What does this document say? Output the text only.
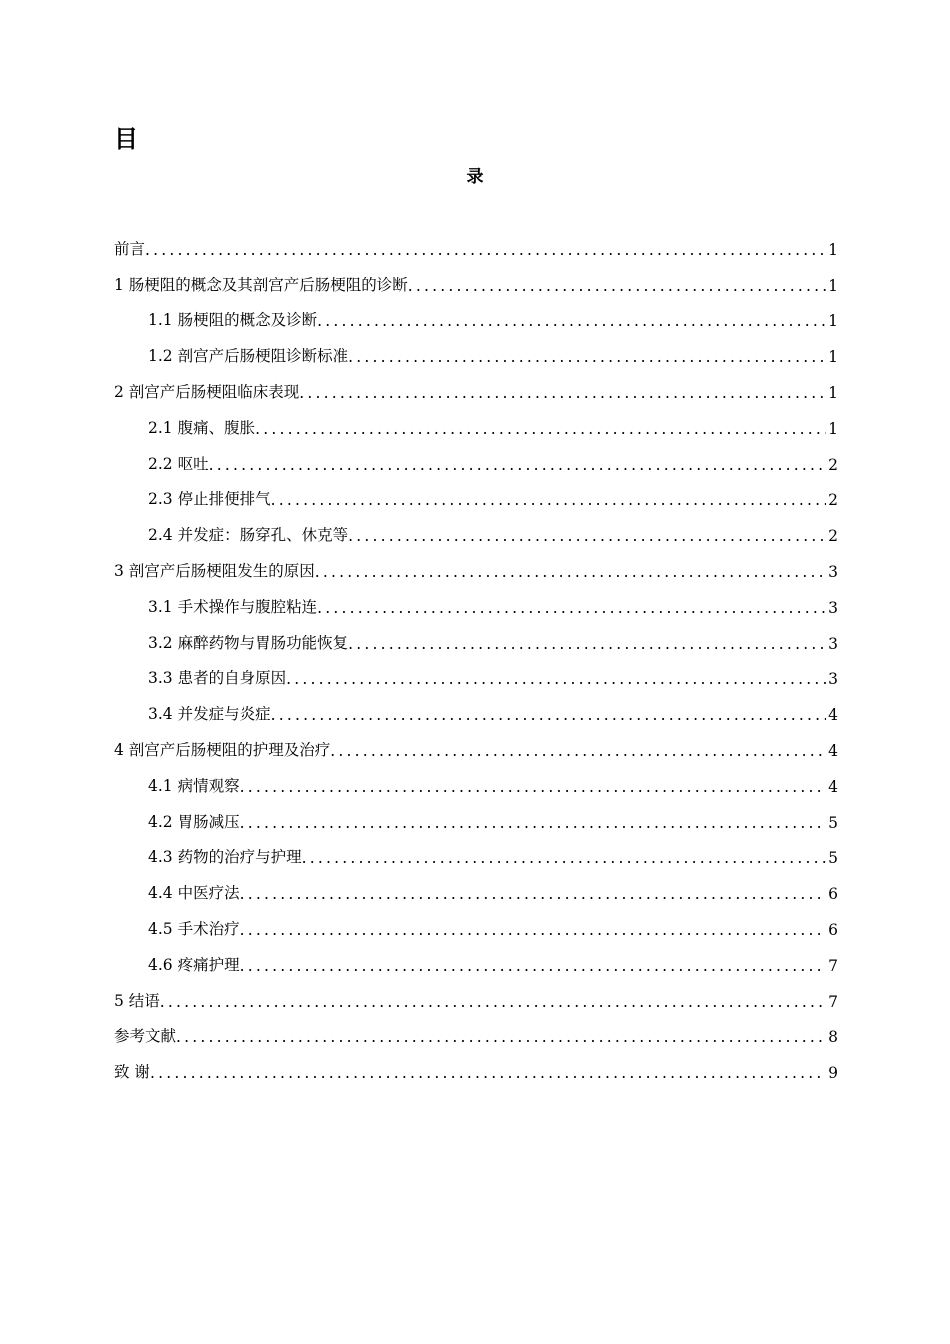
目
录
前言 .....	1
1 肠梗阻的概念及其剖宫产后肠梗阻的诊断 .....	1
1.1 肠梗阻的概念及诊断 .....	1
1.2 剖宫产后肠梗阻诊断标准 .....	1
2 剖宫产后肠梗阻临床表现 .....	1
2.1 腹痛、腹胀 .....	1
2.2 呕吐 .....	2
2.3 停止排便排气 .....	2
2.4 并发症：肠穿孔、休克等 .....	2
3 剖宫产后肠梗阻发生的原因 .....	3
3.1 手术操作与腹腔粘连 .....	3
3.2 麻醉药物与胃肠功能恢复 .....	3
3.3 患者的自身原因 .....	3
3.4 并发症与炎症 .....	4
4 剖宫产后肠梗阻的护理及治疗 .....	4
4.1 病情观察 .....	4
4.2 胃肠减压 .....	5
4.3 药物的治疗与护理 .....	5
4.4 中医疗法 .....	6
4.5 手术治疗 .....	6
4.6 疼痛护理 .....	7
5 结语 .....	7
参考文献 .....	8
致 谢 .....	9
